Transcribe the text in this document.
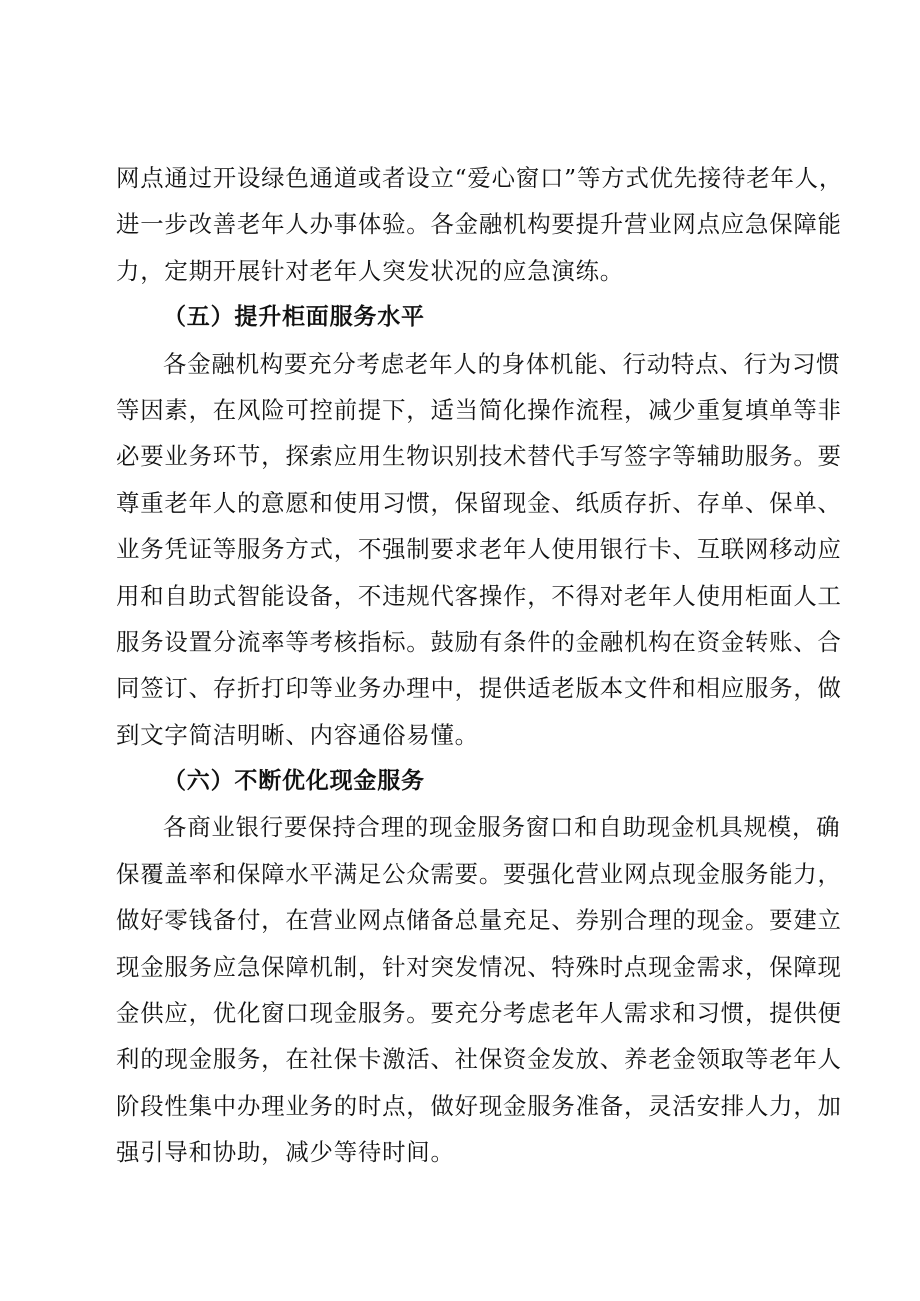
网点通过开设绿色通道或者设立“爱心窗口”等方式优先接待老年人，

进一步改善老年人办事体验。各金融机构要提升营业网点应急保障能

力，定期开展针对老年人突发状况的应急演练。

（五）提升柜面服务水平

各金融机构要充分考虑老年人的身体机能、行动特点、行为习惯

等因素，在风险可控前提下，适当简化操作流程，减少重复填单等非

必要业务环节，探索应用生物识别技术替代手写签字等辅助服务。要

尊重老年人的意愿和使用习惯，保留现金、纸质存折、存单、保单、

业务凭证等服务方式，不强制要求老年人使用银行卡、互联网移动应

用和自助式智能设备，不违规代客操作，不得对老年人使用柜面人工

服务设置分流率等考核指标。鼓励有条件的金融机构在资金转账、合

同签订、存折打印等业务办理中，提供适老版本文件和相应服务，做

到文字简洁明晰、内容通俗易懂。

（六）不断优化现金服务

各商业银行要保持合理的现金服务窗口和自助现金机具规模，确

保覆盖率和保障水平满足公众需要。要强化营业网点现金服务能力，

做好零钱备付，在营业网点储备总量充足、券别合理的现金。要建立

现金服务应急保障机制，针对突发情况、特殊时点现金需求，保障现

金供应，优化窗口现金服务。要充分考虑老年人需求和习惯，提供便

利的现金服务，在社保卡激活、社保资金发放、养老金领取等老年人

阶段性集中办理业务的时点，做好现金服务准备，灵活安排人力，加

强引导和协助，减少等待时间。
